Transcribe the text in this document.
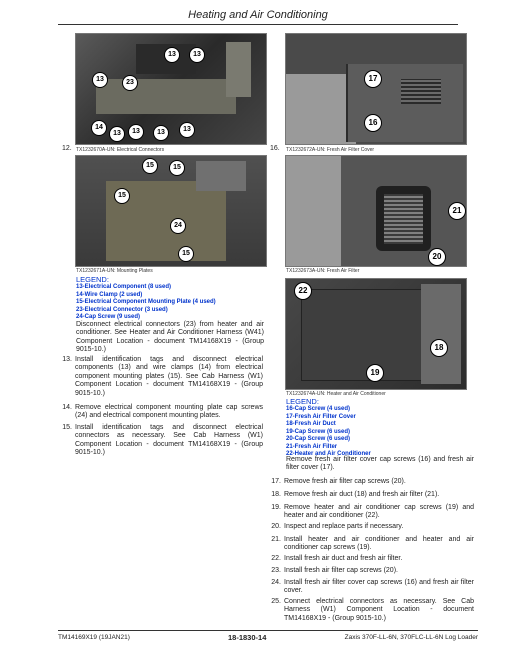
Heating and Air Conditioning
13	13
13	23
14
13	13	13	13
12. TX1232670A-UN: Electrical Connectors
17
16
16. TX1232672A-UN: Fresh Air Filter Cover
15	15
15
24
15
TX1232671A-UN: Mounting Plates
21
20
TX1232673A-UN: Fresh Air Filter
LEGEND:
13-Electrical Component (8 used)
14-Wire Clamp (2 used)
15-Electrical Component Mounting Plate (4 used)
23-Electrical Connector (3 used)
24-Cap Screw (9 used)
Disconnect electrical connectors (23) from heater and air conditioner. See Heater and Air Conditioner Harness (W41) Component Location - document TM14168X19 - (Group 9015-10.)
13. Install identification tags and disconnect electrical components (13) and wire clamps (14) from electrical component mounting plates (15). See Cab Harness (W1) Component Location - document TM14168X19 - (Group 9015-10.)
14. Remove electrical component mounting plate cap screws (24) and electrical component mounting plates.
15. Install identification tags and disconnect electrical connectors as necessary. See Cab Harness (W1) Component Location - document TM14168X19 - (Group 9015-10.)
22
18
19
TX1232674A-UN: Heater and Air Conditioner
LEGEND:
16-Cap Screw (4 used)
17-Fresh Air Filter Cover
18-Fresh Air Duct
19-Cap Screw (6 used)
20-Cap Screw (6 used)
21-Fresh Air Filter
22-Heater and Air Conditioner
Remove fresh air filter cover cap screws (16) and fresh air filter cover (17).
17. Remove fresh air filter cap screws (20).
18. Remove fresh air duct (18) and fresh air filter (21).
19. Remove heater and air conditioner cap screws (19) and heater and air conditioner (22).
20. Inspect and replace parts if necessary.
21. Install heater and air conditioner and heater and air conditioner cap screws (19).
22. Install fresh air duct and fresh air filter.
23. Install fresh air filter cap screws (20).
24. Install fresh air filter cover cap screws (16) and fresh air filter cover.
25. Connect electrical connectors as necessary. See Cab Harness (W1) Component Location - document TM14168X19 - (Group 9015-10.)
TM14169X19 (19JAN21)	18-1830-14	Zaxis 370F-LL-6N, 370FLC-LL-6N Log Loader
